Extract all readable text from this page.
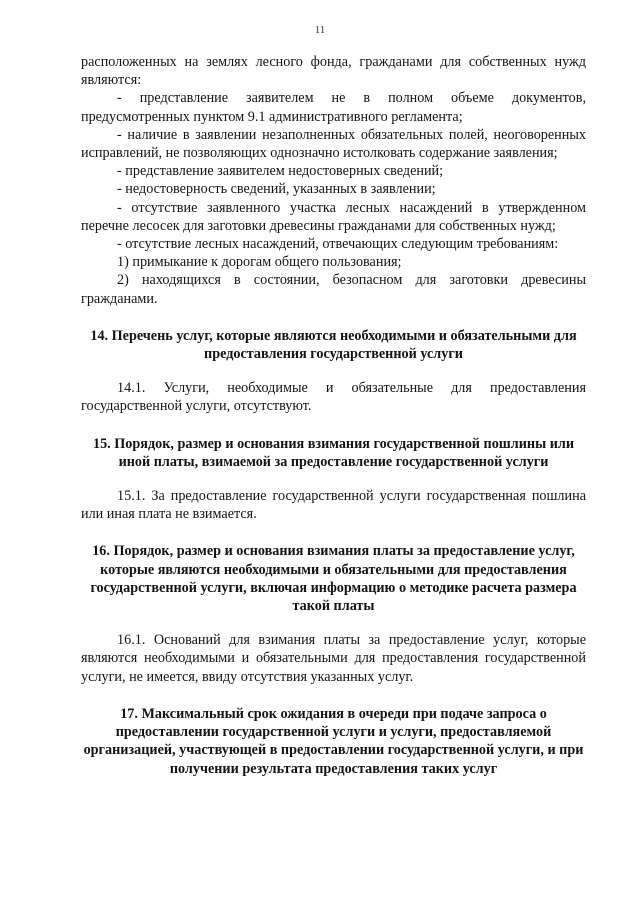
11

расположенных на землях лесного фонда, гражданами для собственных нужд являются:

- представление заявителем не в полном объеме документов, предусмотренных пунктом 9.1 административного регламента;

- наличие в заявлении незаполненных обязательных полей, неоговоренных исправлений, не позволяющих однозначно истолковать содержание заявления;

- представление заявителем недостоверных сведений;

- недостоверность сведений, указанных в заявлении;

- отсутствие заявленного участка лесных насаждений в утвержденном перечне лесосек для заготовки древесины гражданами для собственных нужд;

- отсутствие лесных насаждений, отвечающих следующим требованиям:

1) примыкание к дорогам общего пользования;

2) находящихся в состоянии, безопасном для заготовки древесины гражданами.

14. Перечень услуг, которые являются необходимыми и обязательными для предоставления государственной услуги

14.1. Услуги, необходимые и обязательные для предоставления государственной услуги, отсутствуют.

15. Порядок, размер и основания взимания государственной пошлины или иной платы, взимаемой за предоставление государственной услуги

15.1. За предоставление государственной услуги государственная пошлина или иная плата не взимается.

16. Порядок, размер и основания взимания платы за предоставление услуг, которые являются необходимыми и обязательными для предоставления государственной услуги, включая информацию о методике расчета размера такой платы

16.1. Оснований для взимания платы за предоставление услуг, которые являются необходимыми и обязательными для предоставления государственной услуги, не имеется, ввиду отсутствия указанных услуг.

17. Максимальный срок ожидания в очереди при подаче запроса о предоставлении государственной услуги и услуги, предоставляемой организацией, участвующей в предоставлении государственной услуги, и при получении результата предоставления таких услуг
